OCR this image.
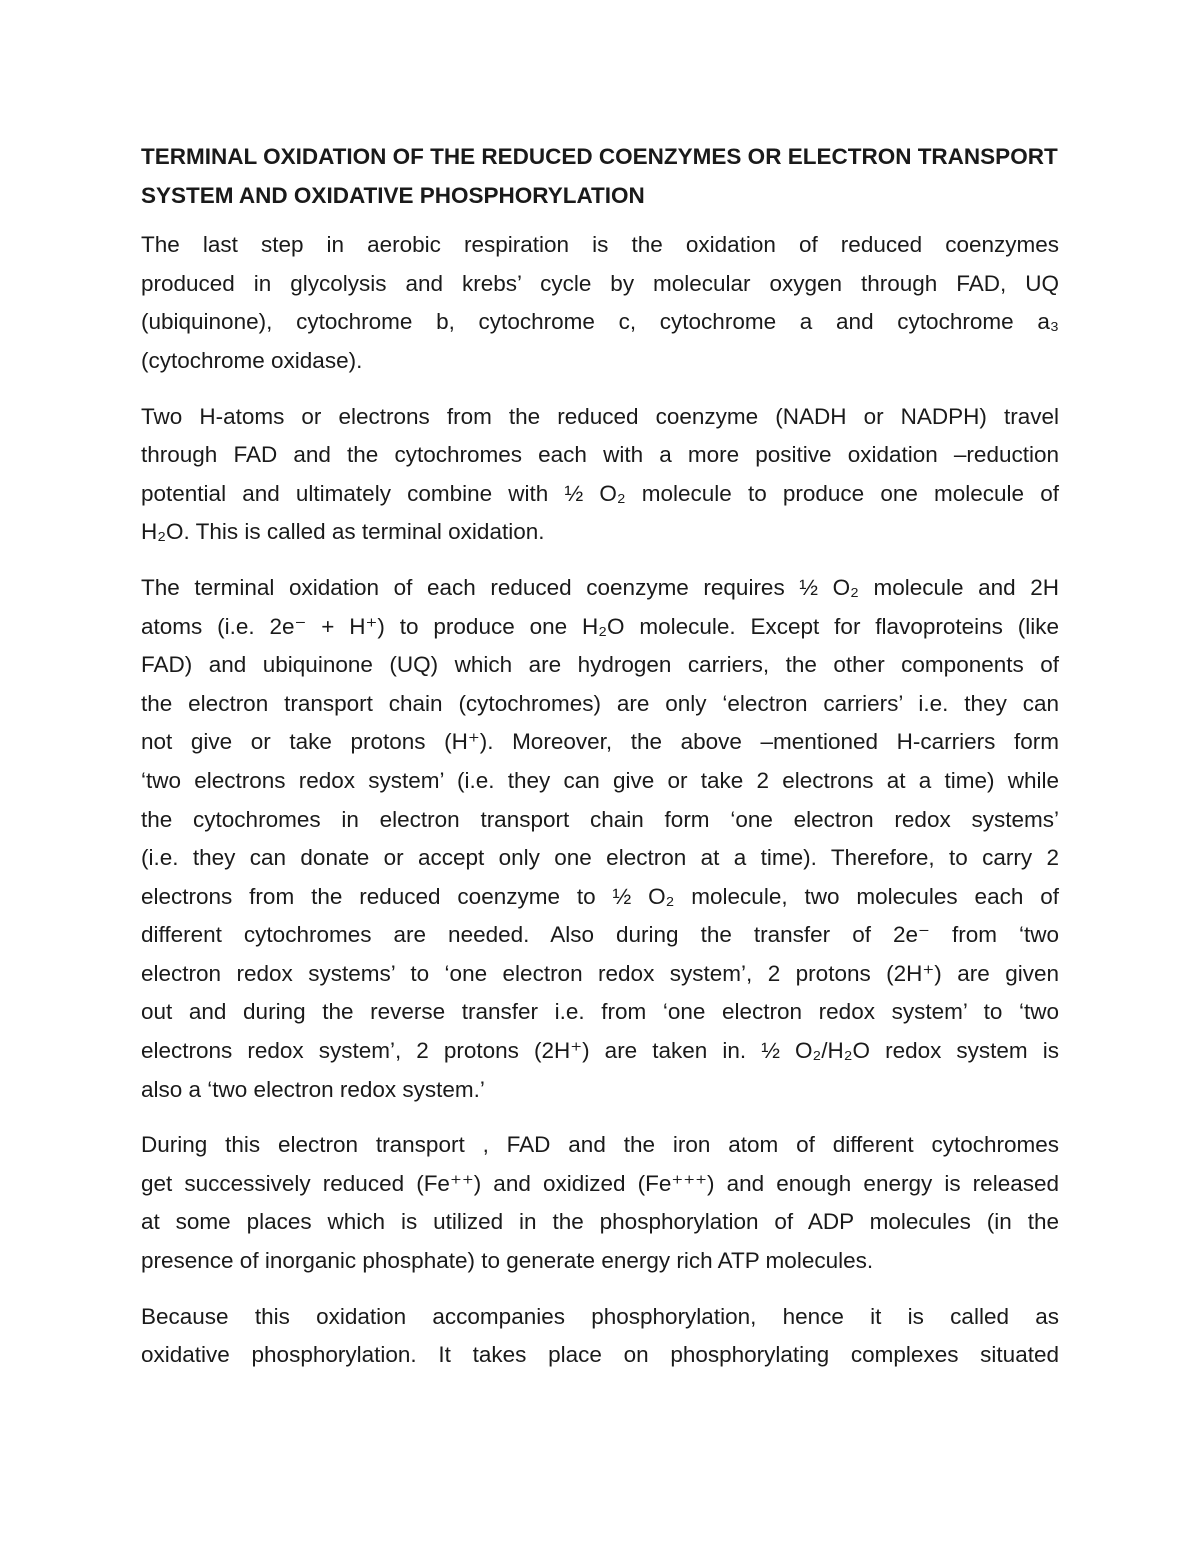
TERMINAL OXIDATION OF THE REDUCED COENZYMES OR ELECTRON TRANSPORT
SYSTEM AND OXIDATIVE PHOSPHORYLATION
The last step in aerobic respiration is the oxidation of reduced coenzymes
produced in glycolysis and krebs’ cycle by molecular oxygen through FAD, UQ
(ubiquinone), cytochrome b, cytochrome c, cytochrome a and cytochrome a₃
(cytochrome oxidase).
Two H-atoms or electrons from the reduced coenzyme (NADH or NADPH) travel
through FAD and the cytochromes each with a more positive oxidation –reduction
potential and ultimately combine with ½ O₂ molecule to produce one molecule of
H₂O. This is called as terminal oxidation.
The terminal oxidation of each reduced coenzyme requires ½ O₂ molecule and 2H
atoms (i.e. 2e⁻ + H⁺) to produce one H₂O molecule. Except for flavoproteins (like
FAD) and ubiquinone (UQ) which are hydrogen carriers, the other components of
the electron transport chain (cytochromes) are only ‘electron carriers’ i.e. they can
not give or take protons (H⁺). Moreover, the above –mentioned H-carriers form
‘two electrons redox system’ (i.e. they can give or take 2 electrons at a time) while
the cytochromes in electron transport chain form ‘one electron redox systems’
(i.e. they can donate or accept only one electron at a time). Therefore, to carry 2
electrons from the reduced coenzyme to ½ O₂ molecule, two molecules each of
different cytochromes are needed. Also during the transfer of 2e⁻ from ‘two
electron redox systems’ to ‘one electron redox system’, 2 protons (2H⁺) are given
out and during the reverse transfer i.e. from ‘one electron redox system’ to ‘two
electrons redox system’, 2 protons (2H⁺) are taken in. ½ O₂/H₂O redox system is
also a ‘two electron redox system.’
During this electron transport , FAD and the iron atom of different cytochromes
get successively reduced (Fe⁺⁺) and oxidized (Fe⁺⁺⁺) and enough energy is released
at some places which is utilized in the phosphorylation of ADP molecules (in the
presence of inorganic phosphate) to generate energy rich ATP molecules.
Because this oxidation accompanies phosphorylation, hence it is called as
oxidative phosphorylation. It takes place on phosphorylating complexes situated
